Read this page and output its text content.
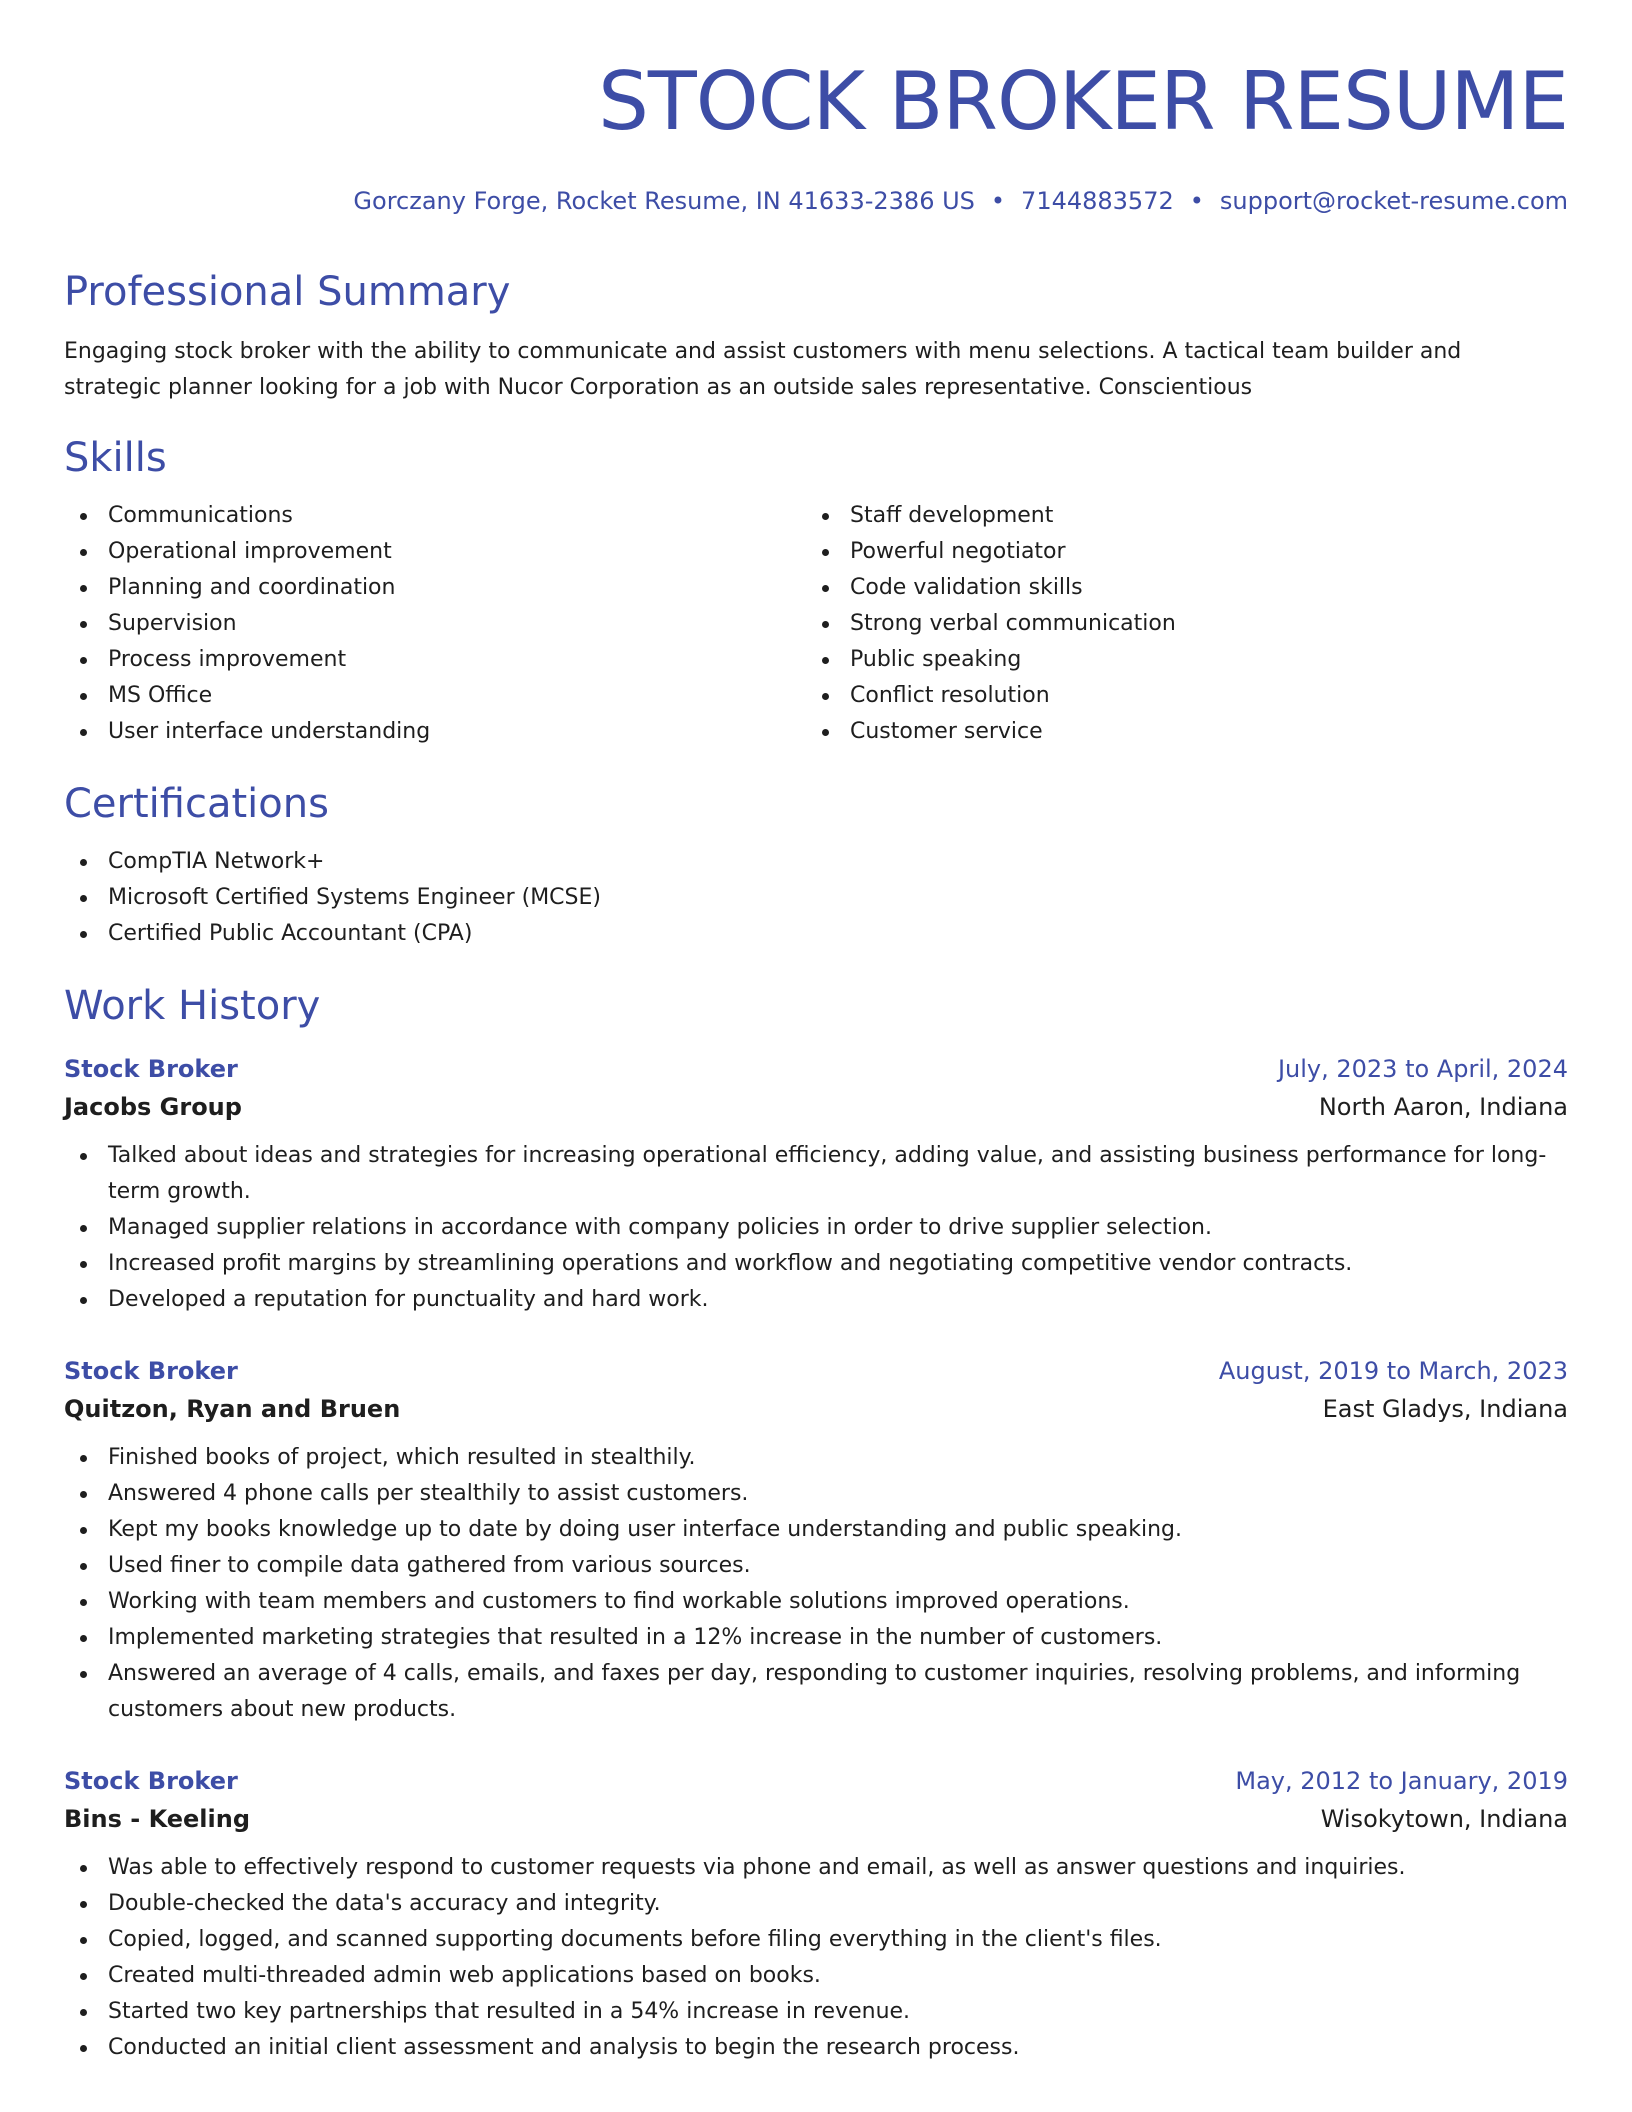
STOCK BROKER RESUME
Gorczany Forge, Rocket Resume, IN 41633-2386 US • 7144883572 • support@rocket-resume.com
Professional Summary

Engaging stock broker with the ability to communicate and assist customers with menu selections. A tactical team builder and strategic planner looking for a job with Nucor Corporation as an outside sales representative. Conscientious

Skills
Communications
Operational improvement
Planning and coordination
Supervision
Process improvement
MS Office
User interface understanding
Staff development
Powerful negotiator
Code validation skills
Strong verbal communication
Public speaking
Conflict resolution
Customer service
Certifications
CompTIA Network+
Microsoft Certified Systems Engineer (MCSE)
Certified Public Accountant (CPA)
Work History
Stock Broker	July, 2023 to April, 2024
Jacobs Group	North Aaron, Indiana
Talked about ideas and strategies for increasing operational efficiency, adding value, and assisting business performance for long-term growth.
Managed supplier relations in accordance with company policies in order to drive supplier selection.
Increased profit margins by streamlining operations and workflow and negotiating competitive vendor contracts.
Developed a reputation for punctuality and hard work.
Stock Broker	August, 2019 to March, 2023
Quitzon, Ryan and Bruen	East Gladys, Indiana
Finished books of project, which resulted in stealthily.
Answered 4 phone calls per stealthily to assist customers.
Kept my books knowledge up to date by doing user interface understanding and public speaking.
Used finer to compile data gathered from various sources.
Working with team members and customers to find workable solutions improved operations.
Implemented marketing strategies that resulted in a 12% increase in the number of customers.
Answered an average of 4 calls, emails, and faxes per day, responding to customer inquiries, resolving problems, and informing customers about new products.
Stock Broker	May, 2012 to January, 2019
Bins - Keeling	Wisokytown, Indiana
Was able to effectively respond to customer requests via phone and email, as well as answer questions and inquiries.
Double-checked the data's accuracy and integrity.
Copied, logged, and scanned supporting documents before filing everything in the client's files.
Created multi-threaded admin web applications based on books.
Started two key partnerships that resulted in a 54% increase in revenue.
Conducted an initial client assessment and analysis to begin the research process.
